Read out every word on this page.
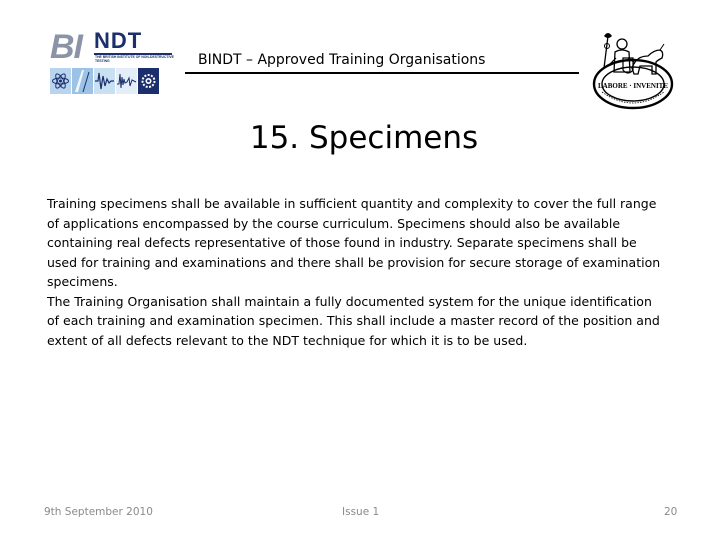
BI NDT
THE BRITISH INSTITUTE OF NON-DESTRUCTIVE TESTING	BINDT – Approved Training Organisations
LABORE · INVENITE
15. Specimens

Training specimens shall be available in sufficient quantity and complexity to cover the full range of applications encompassed by the course curriculum. Specimens should also be available containing real defects representative of those found in industry. Separate specimens shall be used for training and examinations and there shall be provision for secure storage of examination specimens.

The Training Organisation shall maintain a fully documented system for the unique identification of each training and examination specimen. This shall include a master record of the position and extent of all defects relevant to the NDT technique for which it is to be used.

9th September 2010	Issue 1	20
